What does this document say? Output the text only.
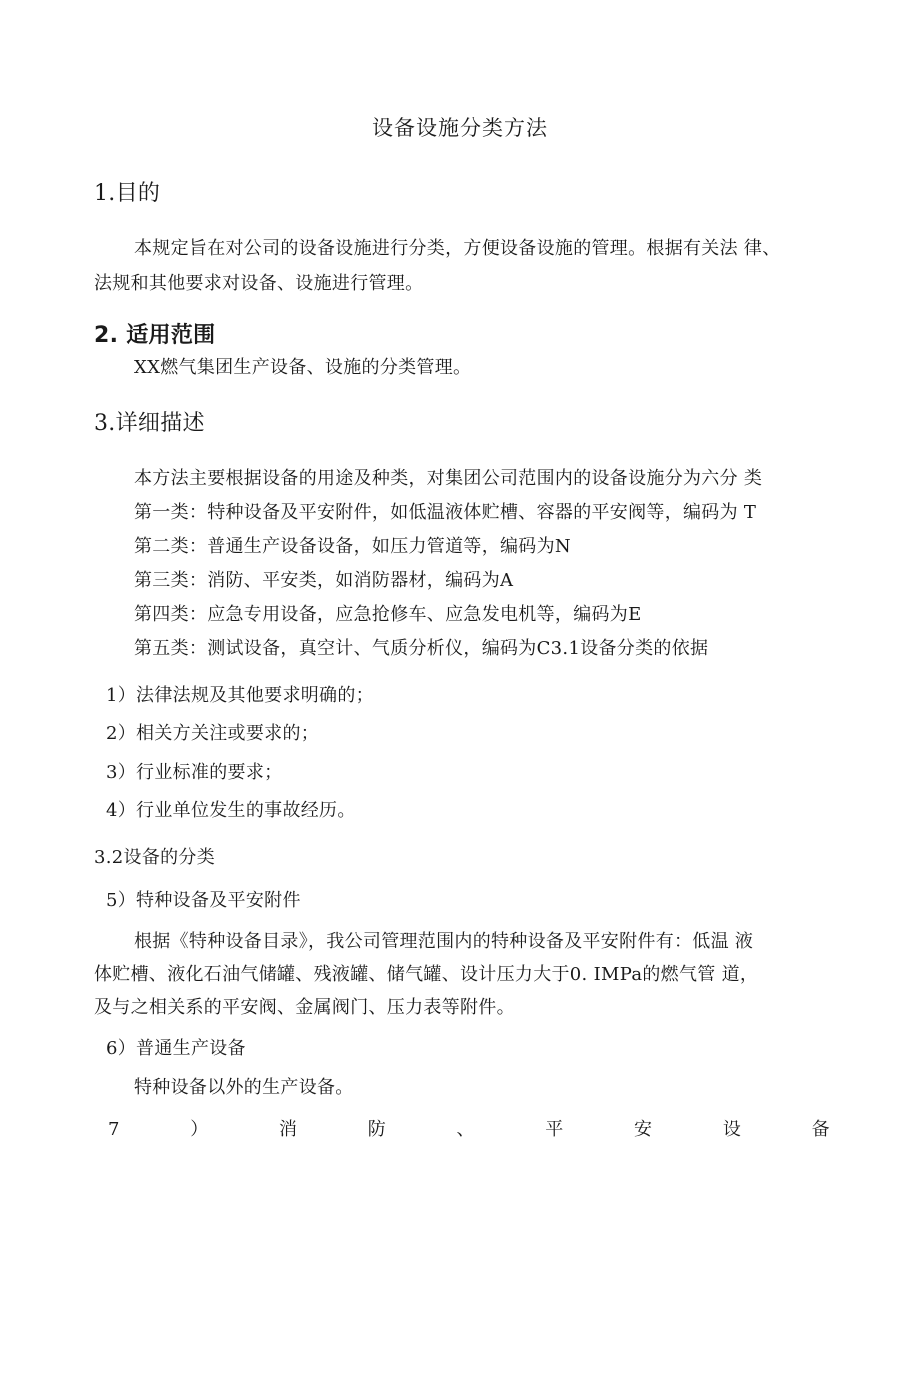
设备设施分类方法
1.目的
本规定旨在对公司的设备设施进行分类，方便设备设施的管理。根据有关法 律、
法规和其他要求对设备、设施进行管理。
2. 适用范围
XX燃气集团生产设备、设施的分类管理。
3.详细描述
本方法主要根据设备的用途及种类，对集团公司范围内的设备设施分为六分 类
第一类：特种设备及平安附件，如低温液体贮槽、容器的平安阀等，编码为 T
第二类：普通生产设备设备，如压力管道等，编码为N
第三类：消防、平安类，如消防器材，编码为A
第四类：应急专用设备，应急抢修车、应急发电机等，编码为E
第五类：测试设备，真空计、气质分析仪，编码为C3.1设备分类的依据
1）法律法规及其他要求明确的；
2）相关方关注或要求的；
3）行业标准的要求；
4）行业单位发生的事故经历。
3.2设备的分类
5）特种设备及平安附件
根据《特种设备目录》，我公司管理范围内的特种设备及平安附件有：低温 液
体贮槽、液化石油气储罐、残液罐、储气罐、设计压力大于0. IMPa的燃气管 道，
及与之相关系的平安阀、金属阀门、压力表等附件。
6）普通生产设备
特种设备以外的生产设备。
7	）	消	防	、	平	安	设	备
